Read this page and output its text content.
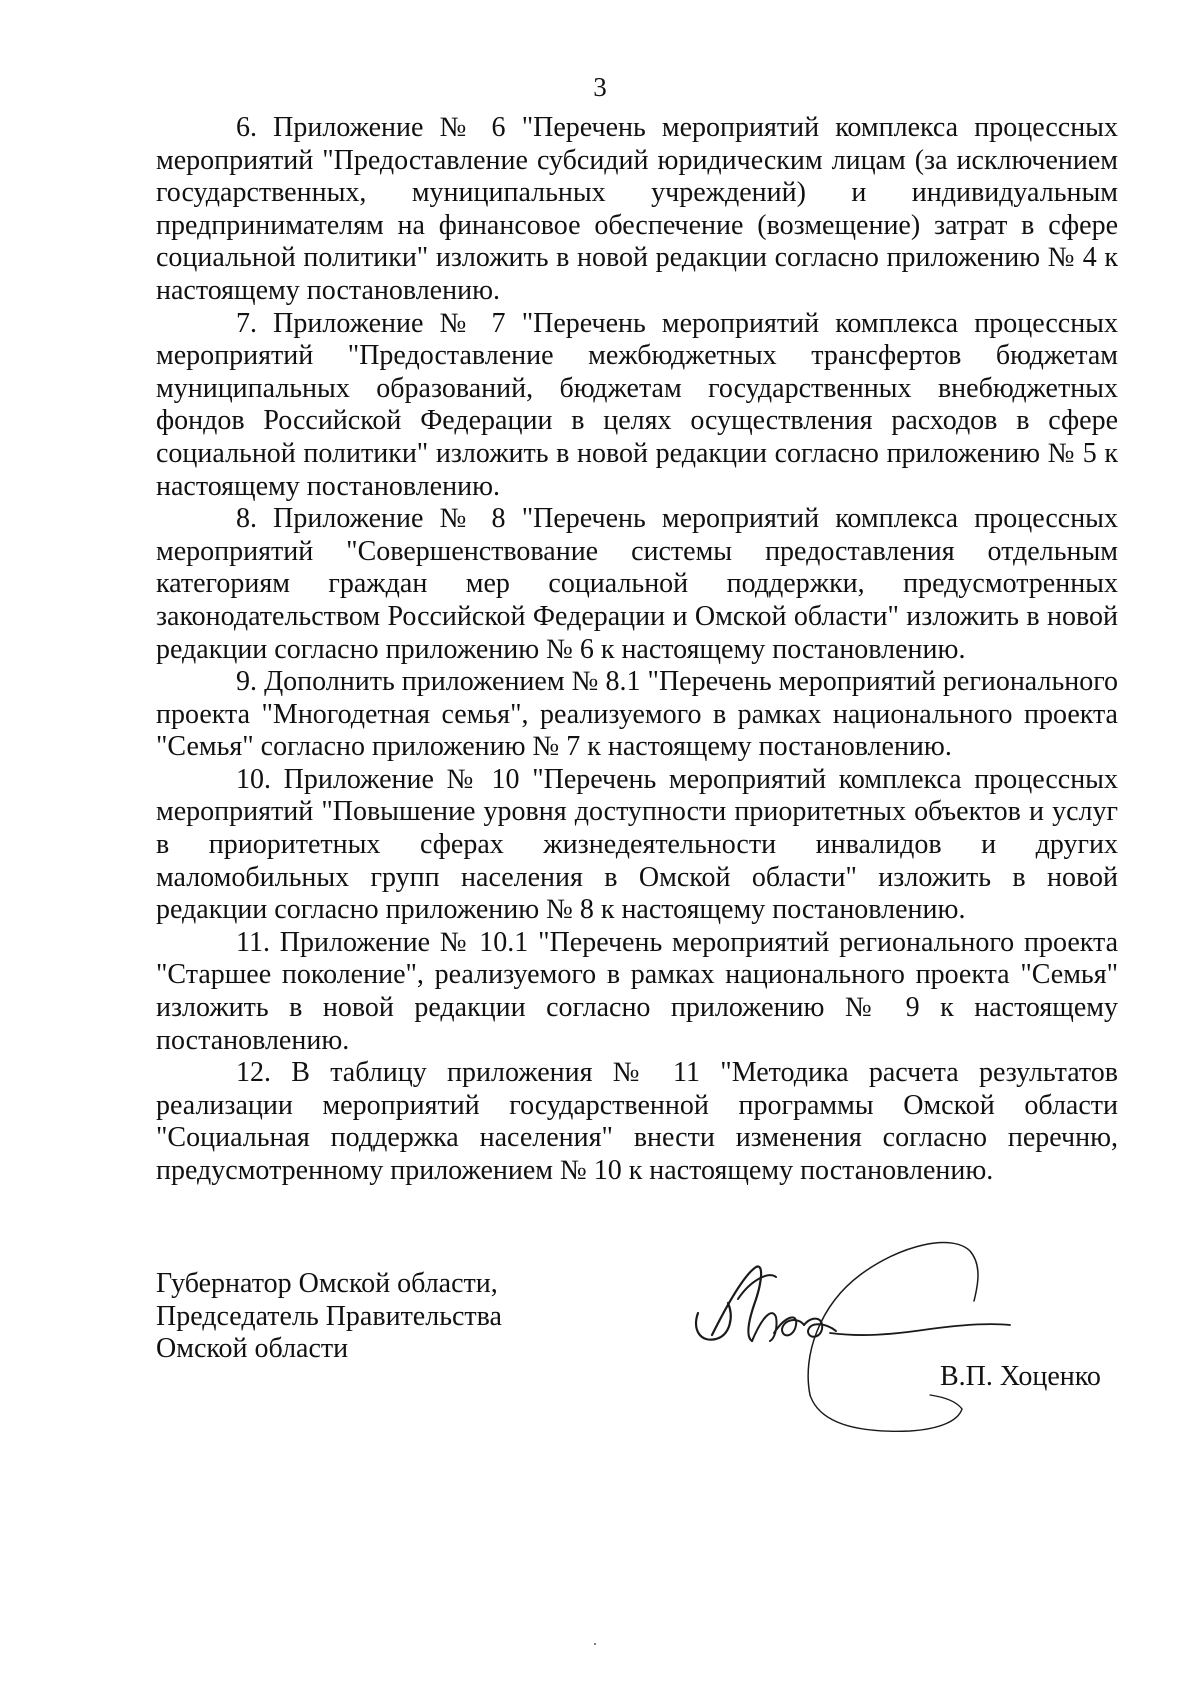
3

6. Приложение № 6 "Перечень мероприятий комплекса процессных мероприятий "Предоставление субсидий юридическим лицам (за исключением государственных, муниципальных учреждений) и индивидуальным предпринимателям на финансовое обеспечение (возмещение) затрат в сфере социальной политики" изложить в новой редакции согласно приложению № 4 к настоящему постановлению.

7. Приложение № 7 "Перечень мероприятий комплекса процессных мероприятий "Предоставление межбюджетных трансфертов бюджетам муниципальных образований, бюджетам государственных внебюджетных фондов Российской Федерации в целях осуществления расходов в сфере социальной политики" изложить в новой редакции согласно приложению № 5 к настоящему постановлению.

8. Приложение № 8 "Перечень мероприятий комплекса процессных мероприятий "Совершенствование системы предоставления отдельным категориям граждан мер социальной поддержки, предусмотренных законодательством Российской Федерации и Омской области" изложить в новой редакции согласно приложению № 6 к настоящему постановлению.

9. Дополнить приложением № 8.1 "Перечень мероприятий регионального проекта "Многодетная семья", реализуемого в рамках национального проекта "Семья" согласно приложению № 7 к настоящему постановлению.

10. Приложение № 10 "Перечень мероприятий комплекса процессных мероприятий "Повышение уровня доступности приоритетных объектов и услуг в приоритетных сферах жизнедеятельности инвалидов и других маломобильных групп населения в Омской области" изложить в новой редакции согласно приложению № 8 к настоящему постановлению.

11. Приложение № 10.1 "Перечень мероприятий регионального проекта "Старшее поколение", реализуемого в рамках национального проекта "Семья" изложить в новой редакции согласно приложению № 9 к настоящему постановлению.

12. В таблицу приложения № 11 "Методика расчета результатов реализации мероприятий государственной программы Омской области "Социальная поддержка населения" внести изменения согласно перечню, предусмотренному приложением № 10 к настоящему постановлению.

Губернатор Омской области,
Председатель Правительства
Омской области
В.П. Хоценко
